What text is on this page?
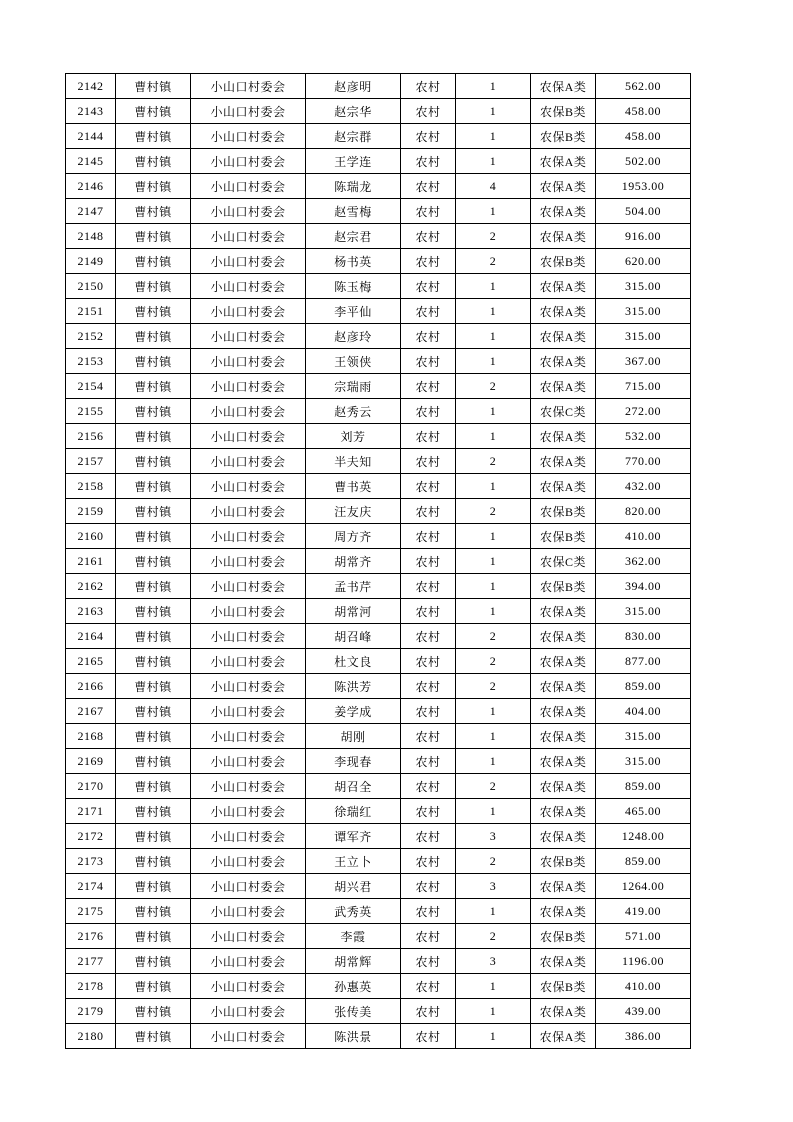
2142	曹村镇	小山口村委会	赵彦明	农村	1	农保A类	562.00
2143	曹村镇	小山口村委会	赵宗华	农村	1	农保B类	458.00
2144	曹村镇	小山口村委会	赵宗群	农村	1	农保B类	458.00
2145	曹村镇	小山口村委会	王学连	农村	1	农保A类	502.00
2146	曹村镇	小山口村委会	陈瑞龙	农村	4	农保A类	1953.00
2147	曹村镇	小山口村委会	赵雪梅	农村	1	农保A类	504.00
2148	曹村镇	小山口村委会	赵宗君	农村	2	农保A类	916.00
2149	曹村镇	小山口村委会	杨书英	农村	2	农保B类	620.00
2150	曹村镇	小山口村委会	陈玉梅	农村	1	农保A类	315.00
2151	曹村镇	小山口村委会	李平仙	农村	1	农保A类	315.00
2152	曹村镇	小山口村委会	赵彦玲	农村	1	农保A类	315.00
2153	曹村镇	小山口村委会	王领侠	农村	1	农保A类	367.00
2154	曹村镇	小山口村委会	宗瑞雨	农村	2	农保A类	715.00
2155	曹村镇	小山口村委会	赵秀云	农村	1	农保C类	272.00
2156	曹村镇	小山口村委会	刘芳	农村	1	农保A类	532.00
2157	曹村镇	小山口村委会	半夫知	农村	2	农保A类	770.00
2158	曹村镇	小山口村委会	曹书英	农村	1	农保A类	432.00
2159	曹村镇	小山口村委会	汪友庆	农村	2	农保B类	820.00
2160	曹村镇	小山口村委会	周方齐	农村	1	农保B类	410.00
2161	曹村镇	小山口村委会	胡常齐	农村	1	农保C类	362.00
2162	曹村镇	小山口村委会	孟书芹	农村	1	农保B类	394.00
2163	曹村镇	小山口村委会	胡常河	农村	1	农保A类	315.00
2164	曹村镇	小山口村委会	胡召峰	农村	2	农保A类	830.00
2165	曹村镇	小山口村委会	杜文良	农村	2	农保A类	877.00
2166	曹村镇	小山口村委会	陈洪芳	农村	2	农保A类	859.00
2167	曹村镇	小山口村委会	姜学成	农村	1	农保A类	404.00
2168	曹村镇	小山口村委会	胡刚	农村	1	农保A类	315.00
2169	曹村镇	小山口村委会	李现春	农村	1	农保A类	315.00
2170	曹村镇	小山口村委会	胡召全	农村	2	农保A类	859.00
2171	曹村镇	小山口村委会	徐瑞红	农村	1	农保A类	465.00
2172	曹村镇	小山口村委会	谭军齐	农村	3	农保A类	1248.00
2173	曹村镇	小山口村委会	王立卜	农村	2	农保B类	859.00
2174	曹村镇	小山口村委会	胡兴君	农村	3	农保A类	1264.00
2175	曹村镇	小山口村委会	武秀英	农村	1	农保A类	419.00
2176	曹村镇	小山口村委会	李霞	农村	2	农保B类	571.00
2177	曹村镇	小山口村委会	胡常辉	农村	3	农保A类	1196.00
2178	曹村镇	小山口村委会	孙惠英	农村	1	农保B类	410.00
2179	曹村镇	小山口村委会	张传美	农村	1	农保A类	439.00
2180	曹村镇	小山口村委会	陈洪景	农村	1	农保A类	386.00
